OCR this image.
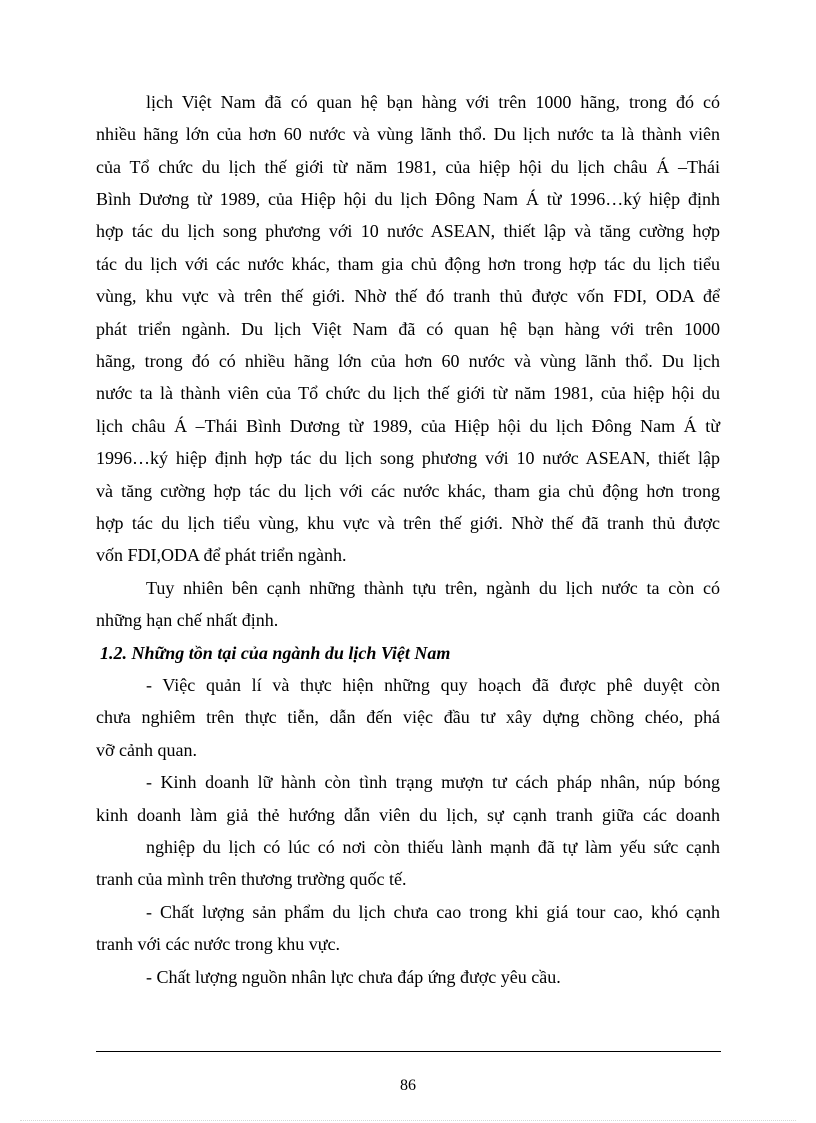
lịch Việt Nam đã có quan hệ bạn hàng với trên 1000 hãng, trong đó có
nhiều hãng lớn của hơn 60 nước và vùng lãnh thổ. Du lịch nước ta là thành viên
của Tổ chức du lịch thế giới từ năm 1981, của hiệp hội du lịch châu Á –Thái
Bình Dương từ 1989, của Hiệp hội du lịch Đông Nam Á từ 1996…ký hiệp định
hợp tác du lịch song phương với 10 nước ASEAN, thiết lập và tăng cường hợp
tác du lịch với các nước khác, tham gia chủ động hơn trong hợp tác du lịch tiểu
vùng, khu vực và trên thế giới. Nhờ thế đó tranh thủ được vốn FDI, ODA để
phát triển ngành. Du lịch Việt Nam đã có quan hệ bạn hàng với trên 1000
hãng, trong đó có nhiều hãng lớn của hơn 60 nước và vùng lãnh thổ. Du lịch
nước ta là thành viên của Tổ chức du lịch thế giới từ năm 1981, của hiệp hội du
lịch châu Á –Thái Bình Dương từ 1989, của Hiệp hội du lịch Đông Nam Á từ
1996…ký hiệp định hợp tác du lịch song phương với 10 nước ASEAN, thiết lập
và tăng cường hợp tác du lịch với các nước khác, tham gia chủ động hơn trong
hợp tác du lịch tiểu vùng, khu vực và trên thế giới. Nhờ thế đã tranh thủ được
vốn FDI,ODA để phát triển ngành.
Tuy nhiên bên cạnh những thành tựu trên, ngành du lịch nước ta còn có
những hạn chế nhất định.
1.2. Những tồn tại của ngành du lịch Việt Nam
- Việc quản lí và thực hiện những quy hoạch đã được phê duyệt còn
chưa nghiêm trên thực tiễn, dẫn đến việc đầu tư xây dựng chồng chéo, phá
vỡ cảnh quan.
- Kinh doanh lữ hành còn tình trạng mượn tư cách pháp nhân, núp bóng
kinh doanh làm giả thẻ hướng dẫn viên du lịch, sự cạnh tranh giữa các doanh
nghiệp du lịch có lúc có nơi còn thiếu lành mạnh đã tự làm yếu sức cạnh
tranh của mình trên thương trường quốc tế.
- Chất lượng sản phẩm du lịch chưa cao trong khi giá tour cao, khó cạnh
tranh với các nước trong khu vực.
- Chất lượng nguồn nhân lực chưa đáp ứng được yêu cầu.
86
